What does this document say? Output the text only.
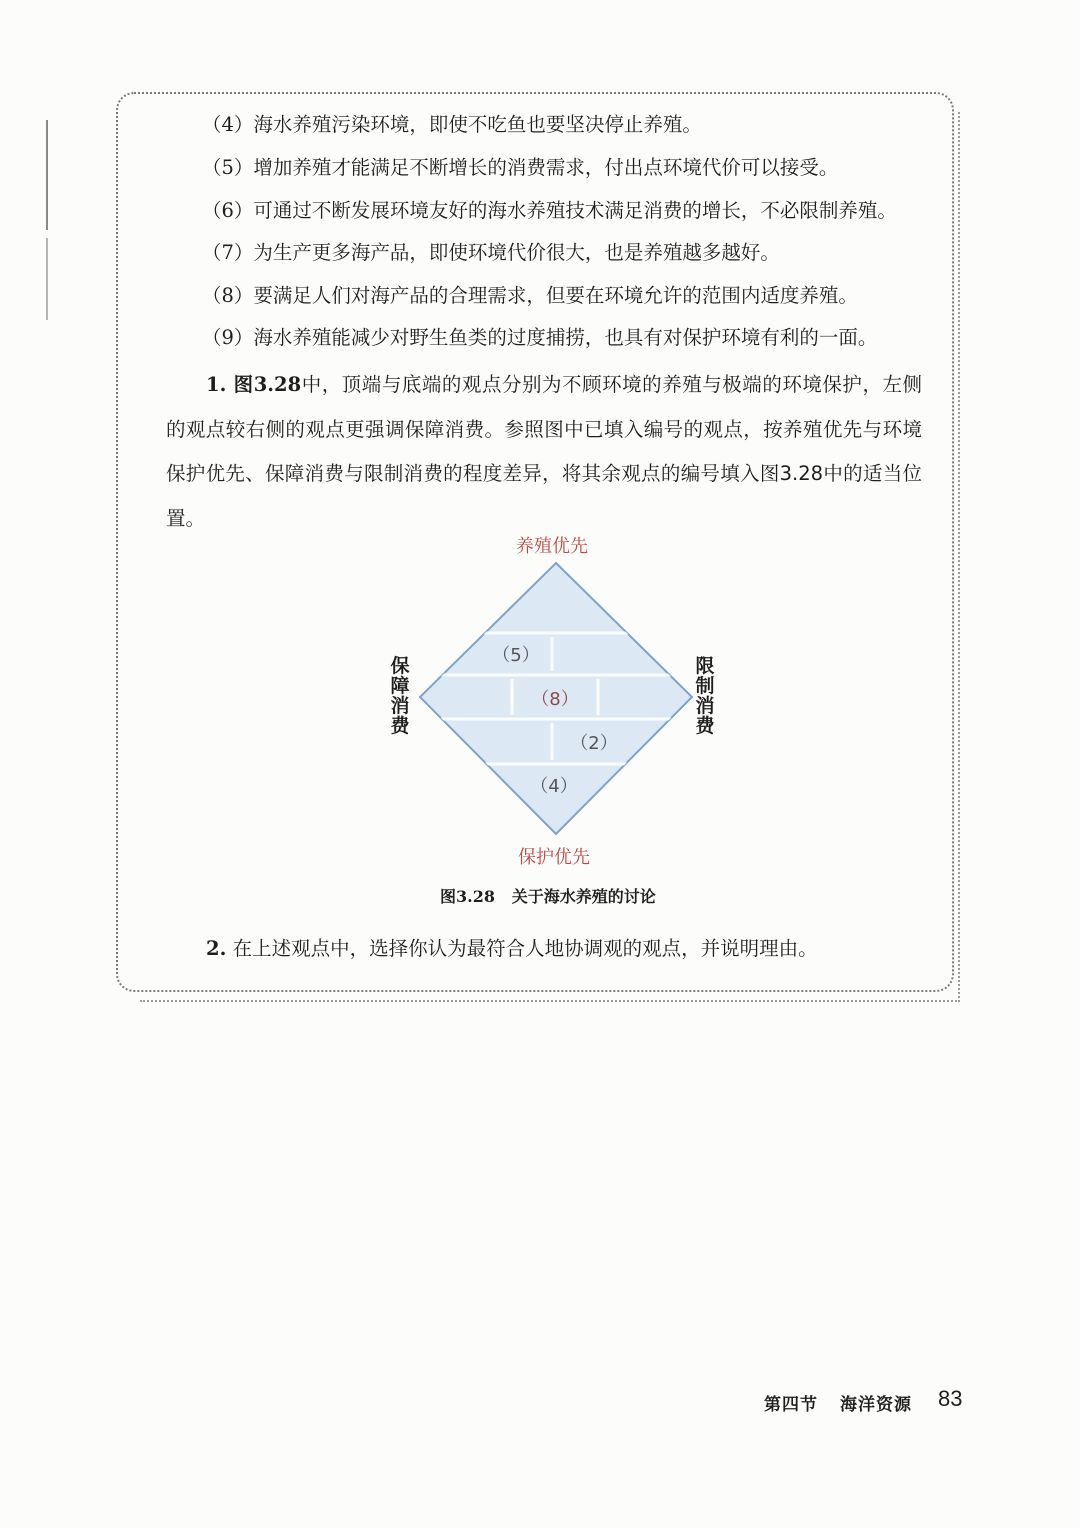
（4）海水养殖污染环境，即使不吃鱼也要坚决停止养殖。
（5）增加养殖才能满足不断增长的消费需求，付出点环境代价可以接受。
（6）可通过不断发展环境友好的海水养殖技术满足消费的增长，不必限制养殖。
（7）为生产更多海产品，即使环境代价很大，也是养殖越多越好。
（8）要满足人们对海产品的合理需求，但要在环境允许的范围内适度养殖。
（9）海水养殖能减少对野生鱼类的过度捕捞，也具有对保护环境有利的一面。
1. 图3.28中，顶端与底端的观点分别为不顾环境的养殖与极端的环境保护，左侧的观点较右侧的观点更强调保障消费。参照图中已填入编号的观点，按养殖优先与环境保护优先、保障消费与限制消费的程度差异，将其余观点的编号填入图3.28中的适当位置。
养殖优先
保护优先
保
障
消
费
限
制
消
费
（5）
（8）
（2）
（4）
图3.28 关于海水养殖的讨论
2. 在上述观点中，选择你认为最符合人地协调观的观点，并说明理由。
第四节 海洋资源 83
